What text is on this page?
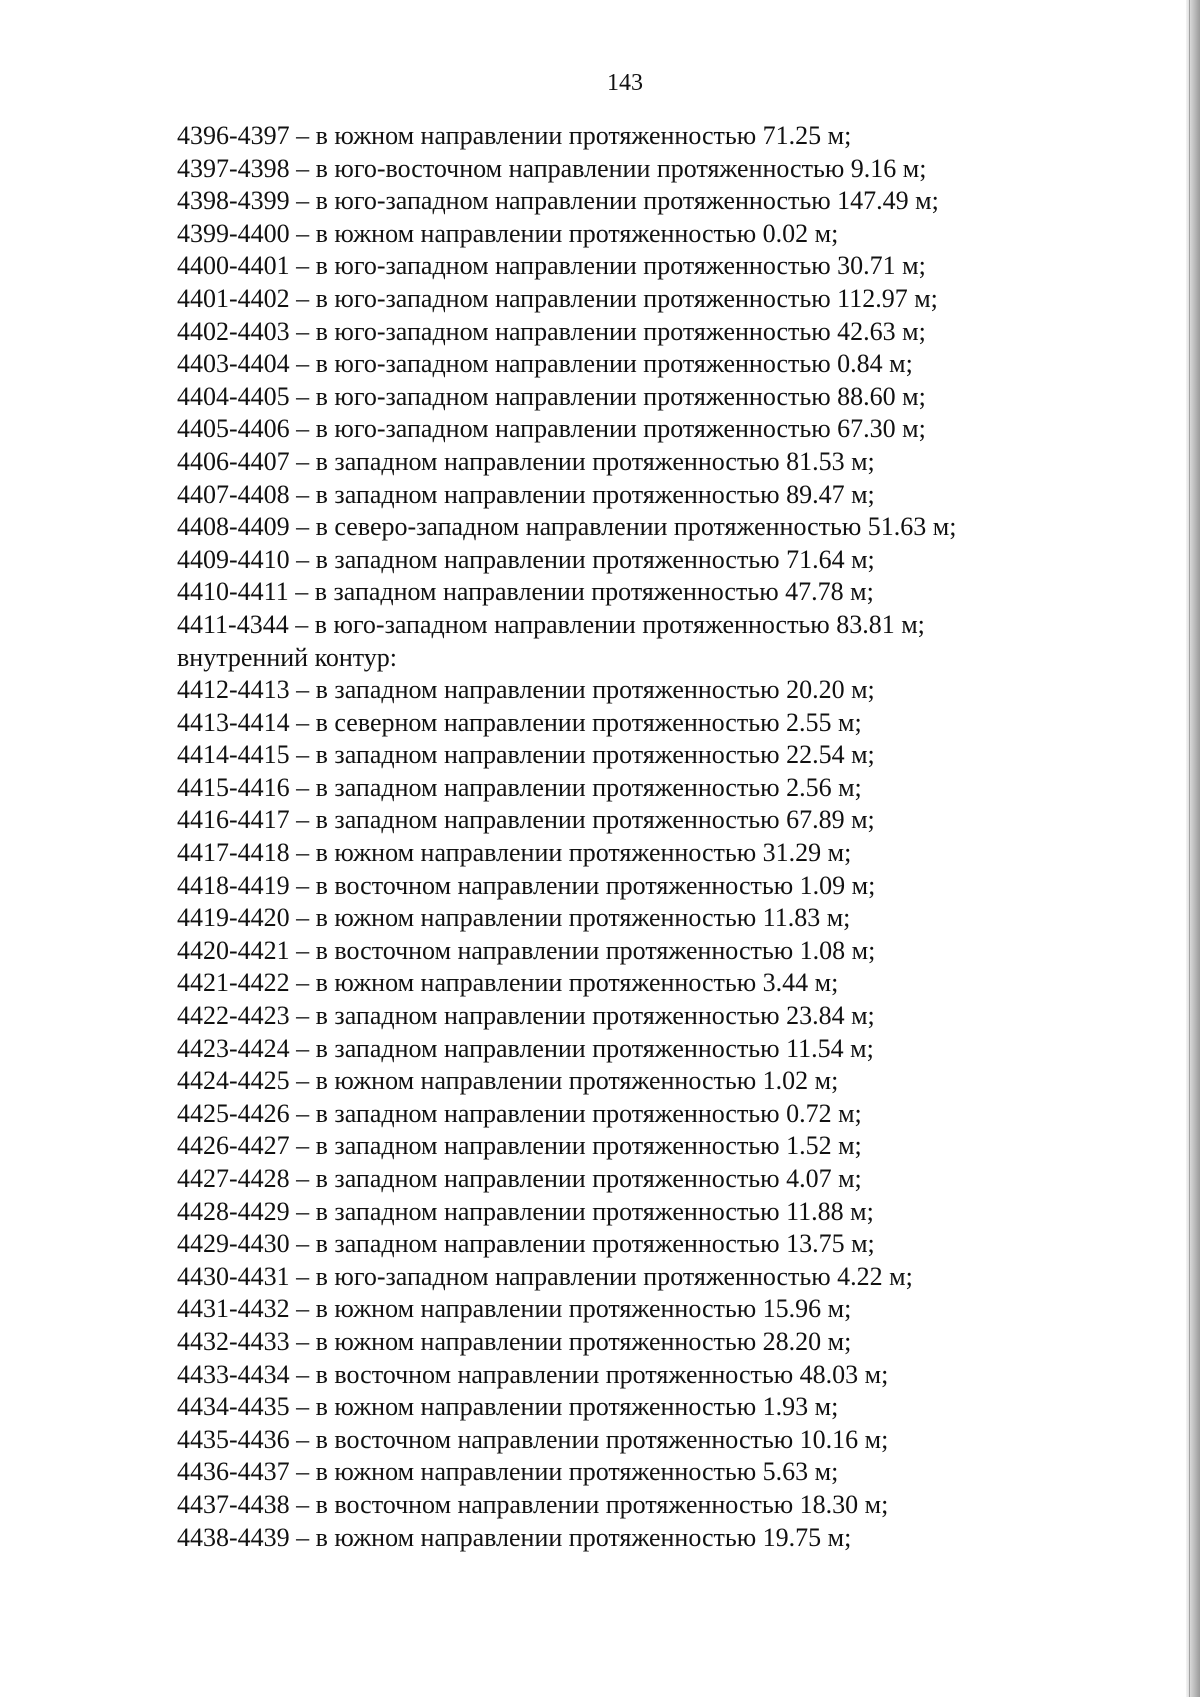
143
4396-4397 – в южном направлении протяженностью 71.25 м;
4397-4398 – в юго-восточном направлении протяженностью 9.16 м;
4398-4399 – в юго-западном направлении протяженностью 147.49 м;
4399-4400 – в южном направлении протяженностью 0.02 м;
4400-4401 – в юго-западном направлении протяженностью 30.71 м;
4401-4402 – в юго-западном направлении протяженностью 112.97 м;
4402-4403 – в юго-западном направлении протяженностью 42.63 м;
4403-4404 – в юго-западном направлении протяженностью 0.84 м;
4404-4405 – в юго-западном направлении протяженностью 88.60 м;
4405-4406 – в юго-западном направлении протяженностью 67.30 м;
4406-4407 – в западном направлении протяженностью 81.53 м;
4407-4408 – в западном направлении протяженностью 89.47 м;
4408-4409 – в северо-западном направлении протяженностью 51.63 м;
4409-4410 – в западном направлении протяженностью 71.64 м;
4410-4411 – в западном направлении протяженностью 47.78 м;
4411-4344 – в юго-западном направлении протяженностью 83.81 м;
внутренний контур:
4412-4413 – в западном направлении протяженностью 20.20 м;
4413-4414 – в северном направлении протяженностью 2.55 м;
4414-4415 – в западном направлении протяженностью 22.54 м;
4415-4416 – в западном направлении протяженностью 2.56 м;
4416-4417 – в западном направлении протяженностью 67.89 м;
4417-4418 – в южном направлении протяженностью 31.29 м;
4418-4419 – в восточном направлении протяженностью 1.09 м;
4419-4420 – в южном направлении протяженностью 11.83 м;
4420-4421 – в восточном направлении протяженностью 1.08 м;
4421-4422 – в южном направлении протяженностью 3.44 м;
4422-4423 – в западном направлении протяженностью 23.84 м;
4423-4424 – в западном направлении протяженностью 11.54 м;
4424-4425 – в южном направлении протяженностью 1.02 м;
4425-4426 – в западном направлении протяженностью 0.72 м;
4426-4427 – в западном направлении протяженностью 1.52 м;
4427-4428 – в западном направлении протяженностью 4.07 м;
4428-4429 – в западном направлении протяженностью 11.88 м;
4429-4430 – в западном направлении протяженностью 13.75 м;
4430-4431 – в юго-западном направлении протяженностью 4.22 м;
4431-4432 – в южном направлении протяженностью 15.96 м;
4432-4433 – в южном направлении протяженностью 28.20 м;
4433-4434 – в восточном направлении протяженностью 48.03 м;
4434-4435 – в южном направлении протяженностью 1.93 м;
4435-4436 – в восточном направлении протяженностью 10.16 м;
4436-4437 – в южном направлении протяженностью 5.63 м;
4437-4438 – в восточном направлении протяженностью 18.30 м;
4438-4439 – в южном направлении протяженностью 19.75 м;
